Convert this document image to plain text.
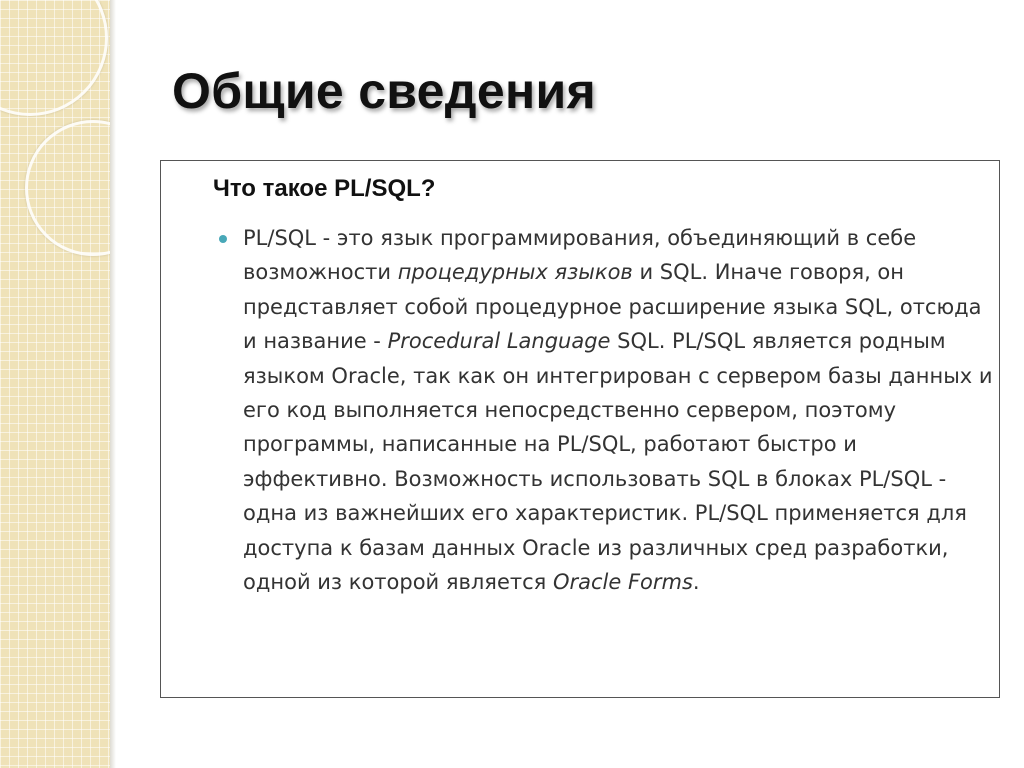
Общие сведения
Что такое PL/SQL?
PL/SQL - это язык программирования, объединяющий в себе возможности процедурных языков и SQL. Иначе говоря, он представляет собой процедурное расширение языка SQL, отсюда и название - Procedural Language SQL. PL/SQL является родным языком Oracle, так как он интегрирован с сервером базы данных и его код выполняется непосредственно сервером, поэтому программы, написанные на PL/SQL, работают быстро и эффективно. Возможность использовать SQL в блоках PL/SQL - одна из важнейших его характеристик. PL/SQL применяется для доступа к базам данных Oracle из различных сред разработки, одной из которой является Oracle Forms.
